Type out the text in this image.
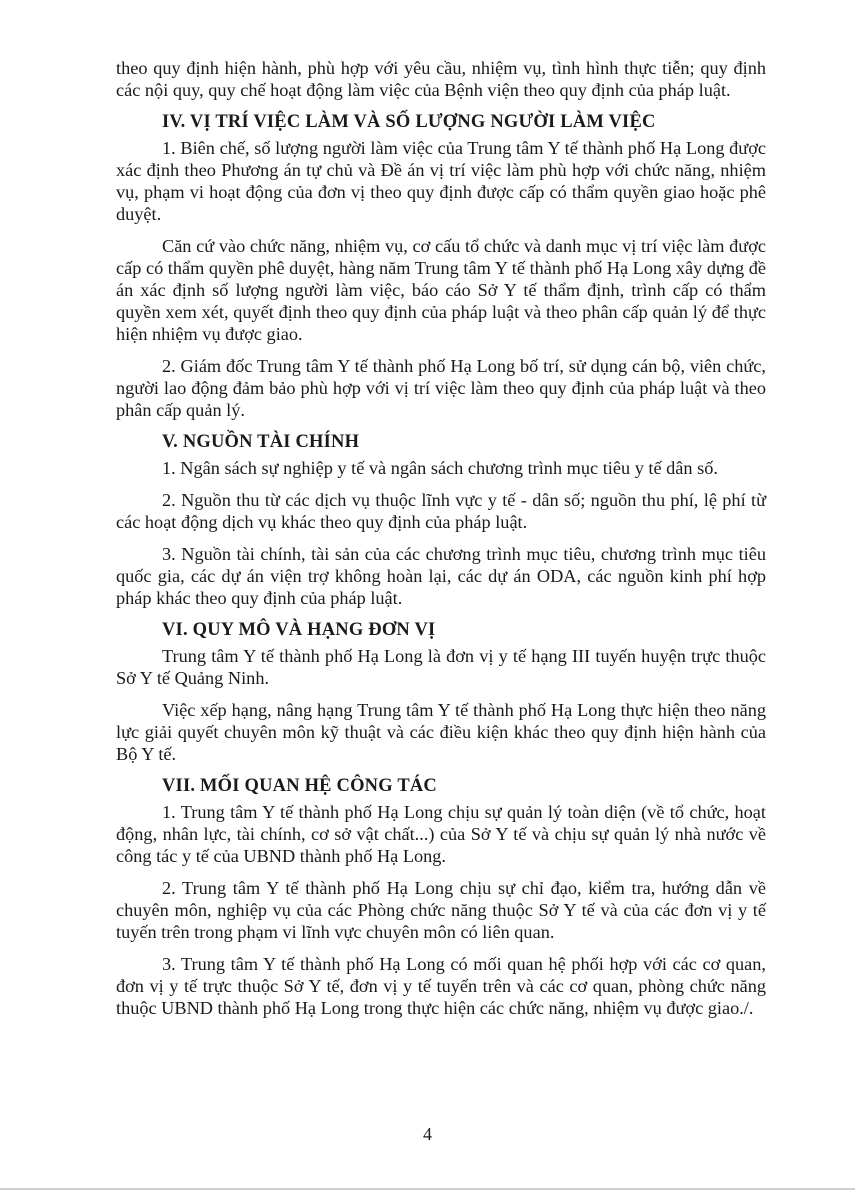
theo quy định hiện hành, phù hợp với yêu cầu, nhiệm vụ, tình hình thực tiễn; quy định các nội quy, quy chế hoạt động làm việc của Bệnh viện theo quy định của pháp luật.

IV. VỊ TRÍ VIỆC LÀM VÀ SỐ LƯỢNG NGƯỜI LÀM VIỆC

1. Biên chế, số lượng người làm việc của Trung tâm Y tế thành phố Hạ Long được xác định theo Phương án tự chủ và Đề án vị trí việc làm phù hợp với chức năng, nhiệm vụ, phạm vi hoạt động của đơn vị theo quy định được cấp có thẩm quyền giao hoặc phê duyệt.

Căn cứ vào chức năng, nhiệm vụ, cơ cấu tổ chức và danh mục vị trí việc làm được cấp có thẩm quyền phê duyệt, hàng năm Trung tâm Y tế thành phố Hạ Long xây dựng đề án xác định số lượng người làm việc, báo cáo Sở Y tế thẩm định, trình cấp có thẩm quyền xem xét, quyết định theo quy định của pháp luật và theo phân cấp quản lý để thực hiện nhiệm vụ được giao.

2. Giám đốc Trung tâm Y tế thành phố Hạ Long bố trí, sử dụng cán bộ, viên chức, người lao động đảm bảo phù hợp với vị trí việc làm theo quy định của pháp luật và theo phân cấp quản lý.

V. NGUỒN TÀI CHÍNH

1. Ngân sách sự nghiệp y tế và ngân sách chương trình mục tiêu y tế dân số.

2. Nguồn thu từ các dịch vụ thuộc lĩnh vực y tế - dân số; nguồn thu phí, lệ phí từ các hoạt động dịch vụ khác theo quy định của pháp luật.

3. Nguồn tài chính, tài sản của các chương trình mục tiêu, chương trình mục tiêu quốc gia, các dự án viện trợ không hoàn lại, các dự án ODA, các nguồn kinh phí hợp pháp khác theo quy định của pháp luật.

VI. QUY MÔ VÀ HẠNG ĐƠN VỊ

Trung tâm Y tế thành phố Hạ Long là đơn vị y tế hạng III tuyến huyện trực thuộc Sở Y tế Quảng Ninh.

Việc xếp hạng, nâng hạng Trung tâm Y tế thành phố Hạ Long thực hiện theo năng lực giải quyết chuyên môn kỹ thuật và các điều kiện khác theo quy định hiện hành của Bộ Y tế.

VII. MỐI QUAN HỆ CÔNG TÁC

1. Trung tâm Y tế thành phố Hạ Long chịu sự quản lý toàn diện (về tổ chức, hoạt động, nhân lực, tài chính, cơ sở vật chất...) của Sở Y tế và chịu sự quản lý nhà nước về công tác y tế của UBND thành phố Hạ Long.

2. Trung tâm Y tế thành phố Hạ Long chịu sự chỉ đạo, kiểm tra, hướng dẫn về chuyên môn, nghiệp vụ của các Phòng chức năng thuộc Sở Y tế và của các đơn vị y tế tuyến trên trong phạm vi lĩnh vực chuyên môn có liên quan.

3. Trung tâm Y tế thành phố Hạ Long có mối quan hệ phối hợp với các cơ quan, đơn vị y tế trực thuộc Sở Y tế, đơn vị y tế tuyến trên và các cơ quan, phòng chức năng thuộc UBND thành phố Hạ Long trong thực hiện các chức năng, nhiệm vụ được giao./.

4
